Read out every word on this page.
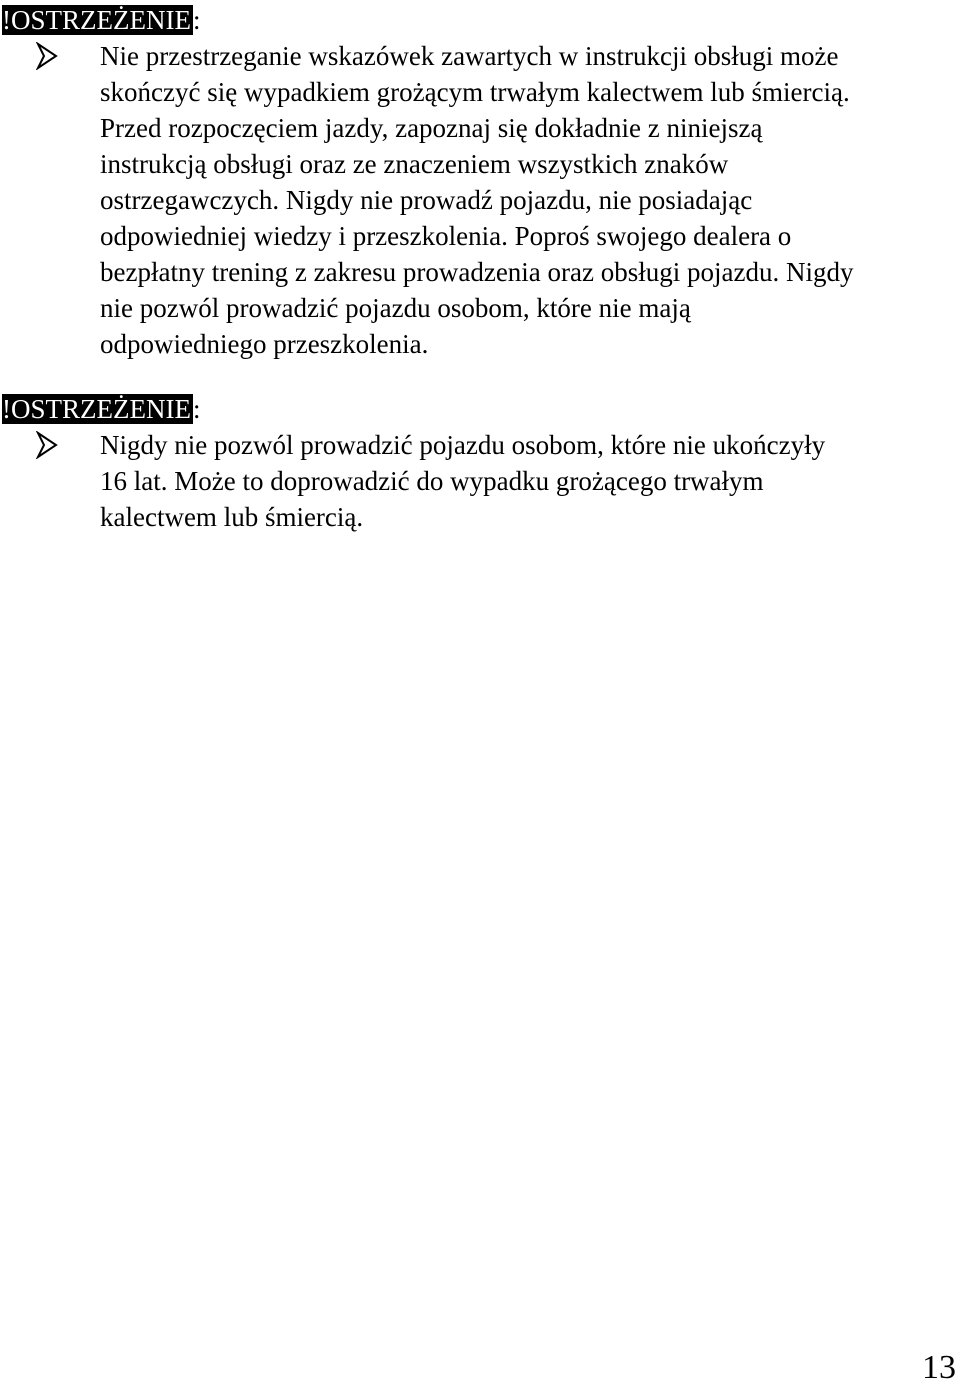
!OSTRZEŻENIE:
Nie przestrzeganie wskazówek zawartych w instrukcji obsługi może
skończyć się wypadkiem grożącym trwałym kalectwem lub śmiercią.
Przed rozpoczęciem jazdy, zapoznaj się dokładnie z niniejszą
instrukcją obsługi oraz ze znaczeniem wszystkich znaków
ostrzegawczych. Nigdy nie prowadź pojazdu, nie posiadając
odpowiedniej wiedzy i przeszkolenia. Poproś swojego dealera o
bezpłatny trening z zakresu prowadzenia oraz obsługi pojazdu. Nigdy
nie pozwól prowadzić pojazdu osobom, które nie mają
odpowiedniego przeszkolenia.
!OSTRZEŻENIE:
Nigdy nie pozwól prowadzić pojazdu osobom, które nie ukończyły
16 lat. Może to doprowadzić do wypadku grożącego trwałym
kalectwem lub śmiercią.
13
